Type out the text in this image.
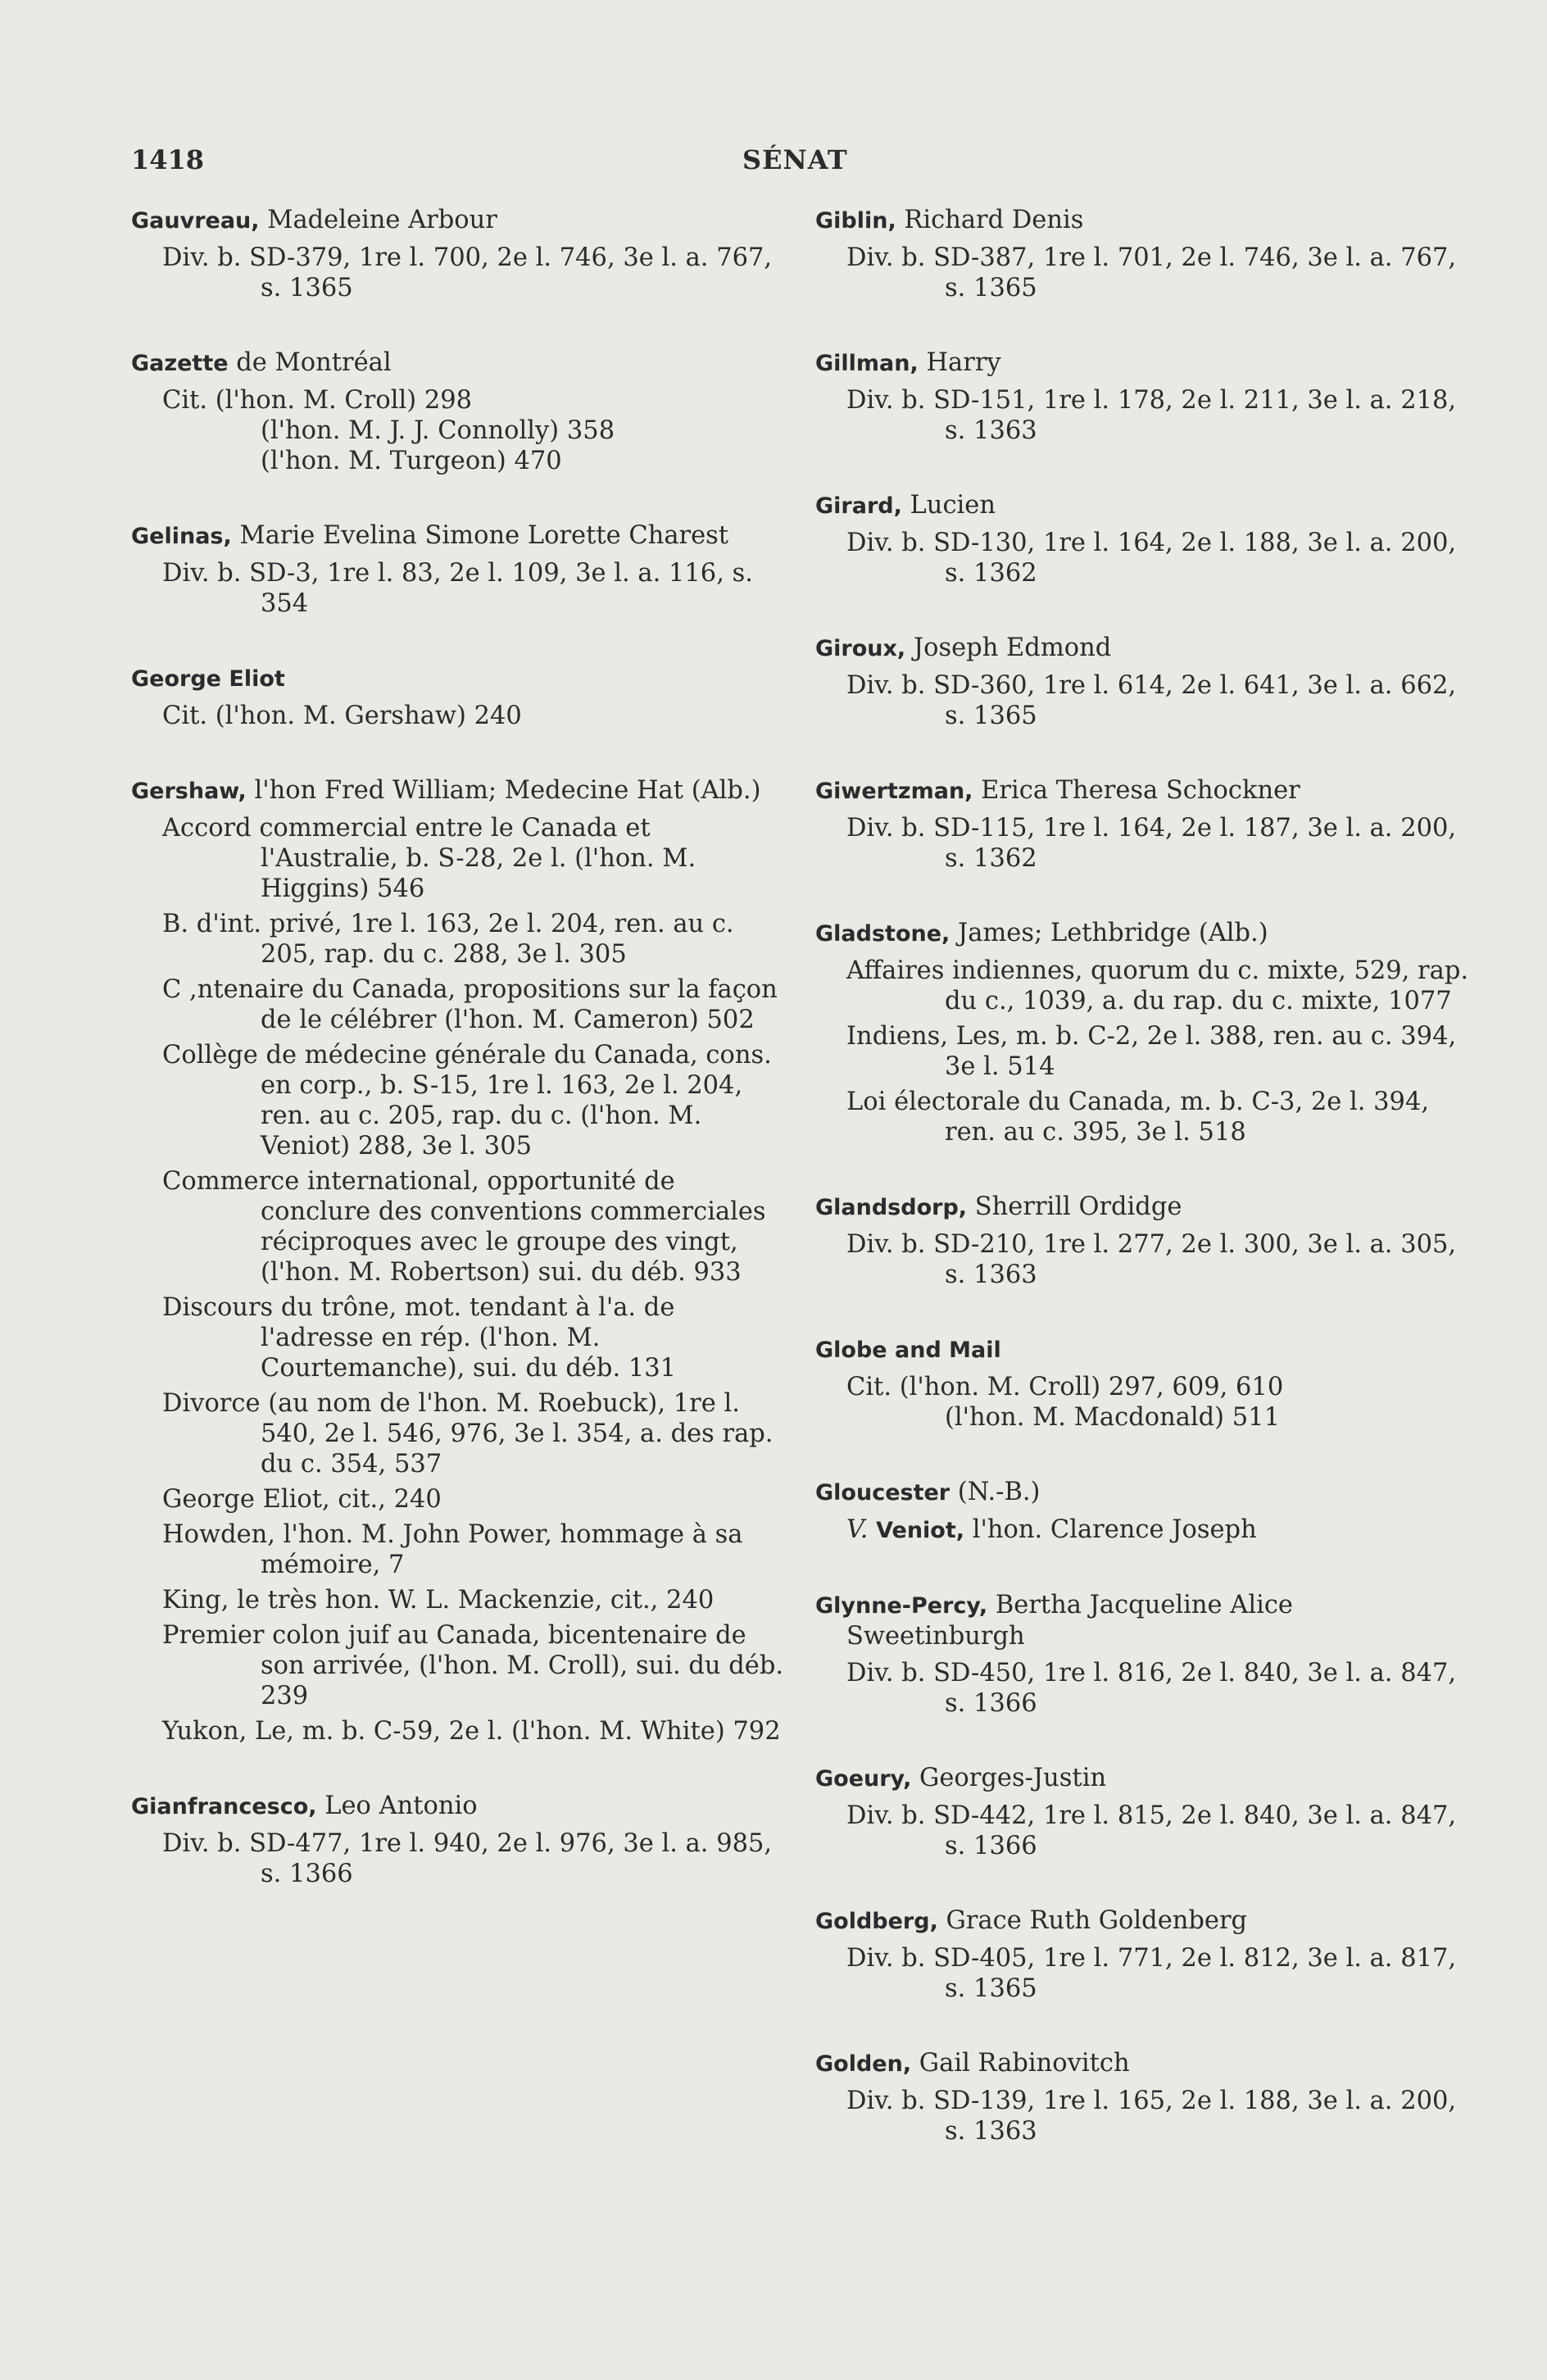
1418	SÉNAT
Gauvreau, Madeleine Arbour
Div. b. SD-379, 1re l. 700, 2e l. 746, 3e l. a. 767, s. 1365
Gazette de Montréal
Cit. (l'hon. M. Croll) 298
(l'hon. M. J. J. Connolly) 358
(l'hon. M. Turgeon) 470
Gelinas, Marie Evelina Simone Lorette Charest
Div. b. SD-3, 1re l. 83, 2e l. 109, 3e l. a. 116, s. 354
George Eliot
Cit. (l'hon. M. Gershaw) 240
Gershaw, l'hon Fred William; Medecine Hat (Alb.)
Accord commercial entre le Canada et l'Australie, b. S-28, 2e l. (l'hon. M. Higgins) 546
B. d'int. privé, 1re l. 163, 2e l. 204, ren. au c. 205, rap. du c. 288, 3e l. 305
C ,ntenaire du Canada, propositions sur la façon de le célébrer (l'hon. M. Cameron) 502
Collège de médecine générale du Canada, cons. en corp., b. S-15, 1re l. 163, 2e l. 204, ren. au c. 205, rap. du c. (l'hon. M. Veniot) 288, 3e l. 305
Commerce international, opportunité de conclure des conventions commerciales réciproques avec le groupe des vingt, (l'hon. M. Robertson) sui. du déb. 933
Discours du trône, mot. tendant à l'a. de l'adresse en rép. (l'hon. M. Courtemanche), sui. du déb. 131
Divorce (au nom de l'hon. M. Roebuck), 1re l. 540, 2e l. 546, 976, 3e l. 354, a. des rap. du c. 354, 537
George Eliot, cit., 240
Howden, l'hon. M. John Power, hommage à sa mémoire, 7
King, le très hon. W. L. Mackenzie, cit., 240
Premier colon juif au Canada, bicentenaire de son arrivée, (l'hon. M. Croll), sui. du déb. 239
Yukon, Le, m. b. C-59, 2e l. (l'hon. M. White) 792
Gianfrancesco, Leo Antonio
Div. b. SD-477, 1re l. 940, 2e l. 976, 3e l. a. 985, s. 1366
Giblin, Richard Denis
Div. b. SD-387, 1re l. 701, 2e l. 746, 3e l. a. 767, s. 1365
Gillman, Harry
Div. b. SD-151, 1re l. 178, 2e l. 211, 3e l. a. 218, s. 1363
Girard, Lucien
Div. b. SD-130, 1re l. 164, 2e l. 188, 3e l. a. 200, s. 1362
Giroux, Joseph Edmond
Div. b. SD-360, 1re l. 614, 2e l. 641, 3e l. a. 662, s. 1365
Giwertzman, Erica Theresa Schockner
Div. b. SD-115, 1re l. 164, 2e l. 187, 3e l. a. 200, s. 1362
Gladstone, James; Lethbridge (Alb.)
Affaires indiennes, quorum du c. mixte, 529, rap. du c., 1039, a. du rap. du c. mixte, 1077
Indiens, Les, m. b. C-2, 2e l. 388, ren. au c. 394, 3e l. 514
Loi électorale du Canada, m. b. C-3, 2e l. 394, ren. au c. 395, 3e l. 518
Glandsdorp, Sherrill Ordidge
Div. b. SD-210, 1re l. 277, 2e l. 300, 3e l. a. 305, s. 1363
Globe and Mail
Cit. (l'hon. M. Croll) 297, 609, 610
(l'hon. M. Macdonald) 511
Gloucester (N.-B.)
V. Veniot, l'hon. Clarence Joseph
Glynne-Percy, Bertha Jacqueline Alice Sweetinburgh
Div. b. SD-450, 1re l. 816, 2e l. 840, 3e l. a. 847, s. 1366
Goeury, Georges-Justin
Div. b. SD-442, 1re l. 815, 2e l. 840, 3e l. a. 847, s. 1366
Goldberg, Grace Ruth Goldenberg
Div. b. SD-405, 1re l. 771, 2e l. 812, 3e l. a. 817, s. 1365
Golden, Gail Rabinovitch
Div. b. SD-139, 1re l. 165, 2e l. 188, 3e l. a. 200, s. 1363
